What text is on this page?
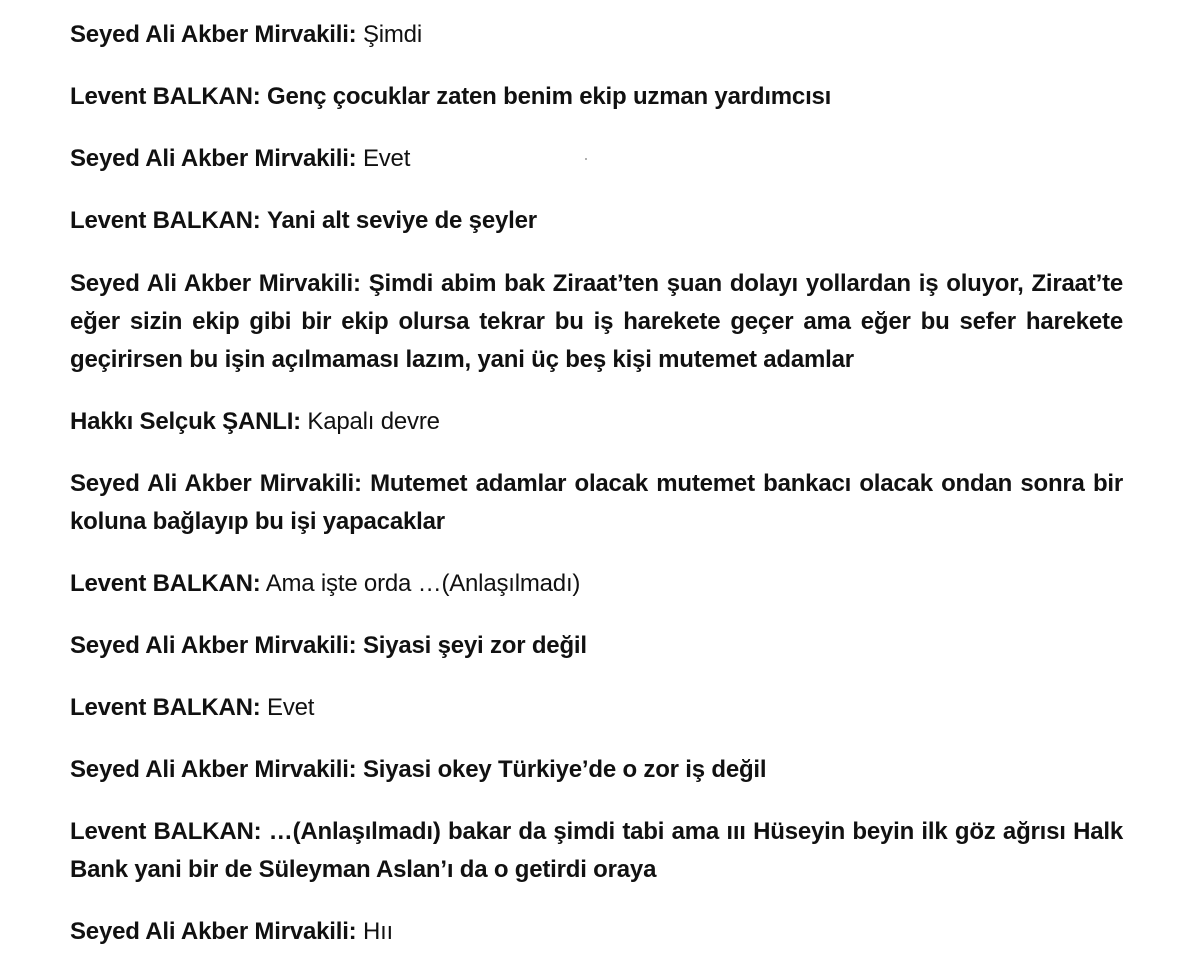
Seyed Ali Akber Mirvakili: Şimdi
Levent BALKAN: Genç çocuklar zaten benim ekip uzman yardımcısı
Seyed Ali Akber Mirvakili: Evet
Levent BALKAN: Yani alt seviye de şeyler
Seyed Ali Akber Mirvakili: Şimdi abim bak Ziraat’ten şuan dolayı yollardan iş oluyor, Ziraat’te eğer sizin ekip gibi bir ekip olursa tekrar bu iş harekete geçer ama eğer bu sefer harekete geçirirsen bu işin açılmaması lazım, yani üç beş kişi mutemet adamlar
Hakkı Selçuk ŞANLI: Kapalı devre
Seyed Ali Akber Mirvakili: Mutemet adamlar olacak mutemet bankacı olacak ondan sonra bir koluna bağlayıp bu işi yapacaklar
Levent BALKAN: Ama işte orda …(Anlaşılmadı)
Seyed Ali Akber Mirvakili: Siyasi şeyi zor değil
Levent BALKAN: Evet
Seyed Ali Akber Mirvakili: Siyasi okey Türkiye’de o zor iş değil
Levent BALKAN: …(Anlaşılmadı) bakar da şimdi tabi ama ııı Hüseyin beyin ilk göz ağrısı Halk Bank yani bir de Süleyman Aslan’ı da o getirdi oraya
Seyed Ali Akber Mirvakili: Hıı
